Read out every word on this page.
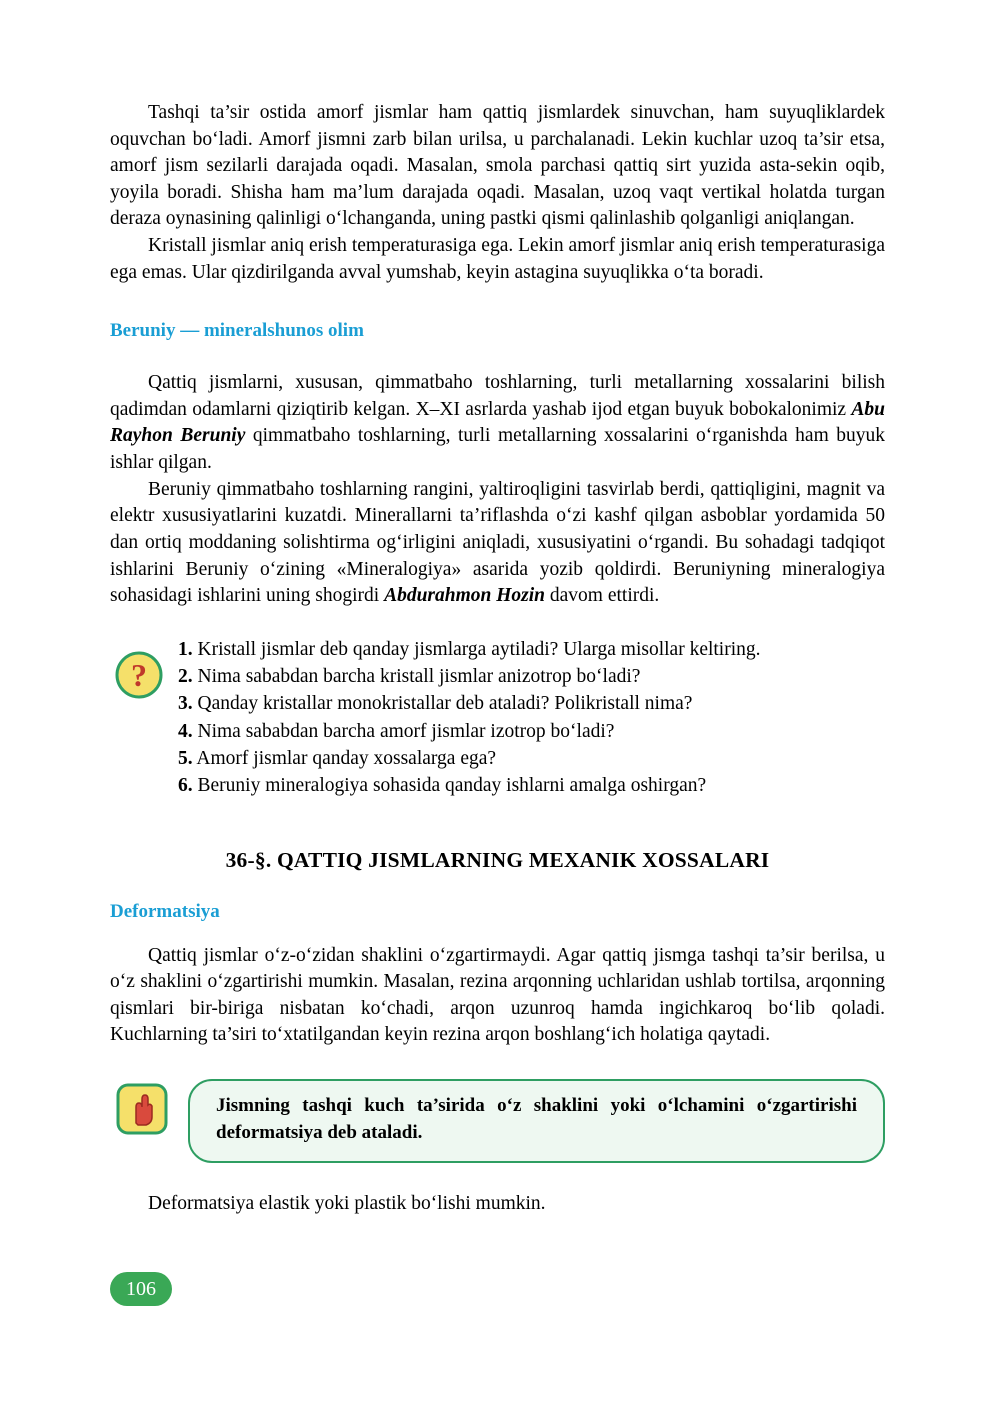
Tashqi ta’sir ostida amorf jismlar ham qattiq jismlardek sinuvchan, ham suyuqliklardek oquvchan bo‘ladi. Amorf jismni zarb bilan urilsa, u parchalanadi. Lekin kuchlar uzoq ta’sir etsa, amorf jism sezilarli darajada oqadi. Masalan, smola parchasi qattiq sirt yuzida asta-sekin oqib, yoyila boradi. Shisha ham ma’lum darajada oqadi. Masalan, uzoq vaqt vertikal holatda turgan deraza oynasining qalinligi o‘lchanganda, uning pastki qismi qalinlashib qolganligi aniqlangan.

Kristall jismlar aniq erish temperaturasiga ega. Lekin amorf jismlar aniq erish temperaturasiga ega emas. Ular qizdirilganda avval yumshab, keyin astagina suyuqlikka o‘ta boradi.

Beruniy — mineralshunos olim

Qattiq jismlarni, xususan, qimmatbaho toshlarning, turli metallarning xossalarini bilish qadimdan odamlarni qiziqtirib kelgan. X–XI asrlarda yashab ijod etgan buyuk bobokalonimiz Abu Rayhon Beruniy qimmatbaho toshlarning, turli metallarning xossalarini o‘rganishda ham buyuk ishlar qilgan.

Beruniy qimmatbaho toshlarning rangini, yaltiroqligini tasvirlab berdi, qattiqligini, magnit va elektr xususiyatlarini kuzatdi. Minerallarni ta’riflashda o‘zi kashf qilgan asboblar yordamida 50 dan ortiq moddaning solishtirma og‘irligini aniqladi, xususiyatini o‘rgandi. Bu sohadagi tadqiqot ishlarini Beruniy o‘zining «Mineralogiya» asarida yozib qoldirdi. Beruniyning mineralogiya sohasidagi ishlarini uning shogirdi Abdurahmon Hozin davom ettirdi.

?
1. Kristall jismlar deb qanday jismlarga aytiladi? Ularga misollar keltiring.
2. Nima sababdan barcha kristall jismlar anizotrop bo‘ladi?
3. Qanday kristallar monokristallar deb ataladi? Polikristall nima?
4. Nima sababdan barcha amorf jismlar izotrop bo‘ladi?
5. Amorf jismlar qanday xossalarga ega?
6. Beruniy mineralogiya sohasida qanday ishlarni amalga oshirgan?
36-§. QATTIQ JISMLARNING MEXANIK XOSSALARI

Deformatsiya

Qattiq jismlar o‘z-o‘zidan shaklini o‘zgartirmaydi. Agar qattiq jismga tashqi ta’sir berilsa, u o‘z shaklini o‘zgartirishi mumkin. Masalan, rezina arqonning uchlaridan ushlab tortilsa, arqonning qismlari bir-biriga nisbatan ko‘chadi, arqon uzunroq hamda ingichkaroq bo‘lib qoladi. Kuchlarning ta’siri to‘xtatilgandan keyin rezina arqon boshlang‘ich holatiga qaytadi.

Jismning tashqi kuch ta’sirida o‘z shaklini yoki o‘lchamini o‘zgartirishi deformatsiya deb ataladi.

Deformatsiya elastik yoki plastik bo‘lishi mumkin.

106
